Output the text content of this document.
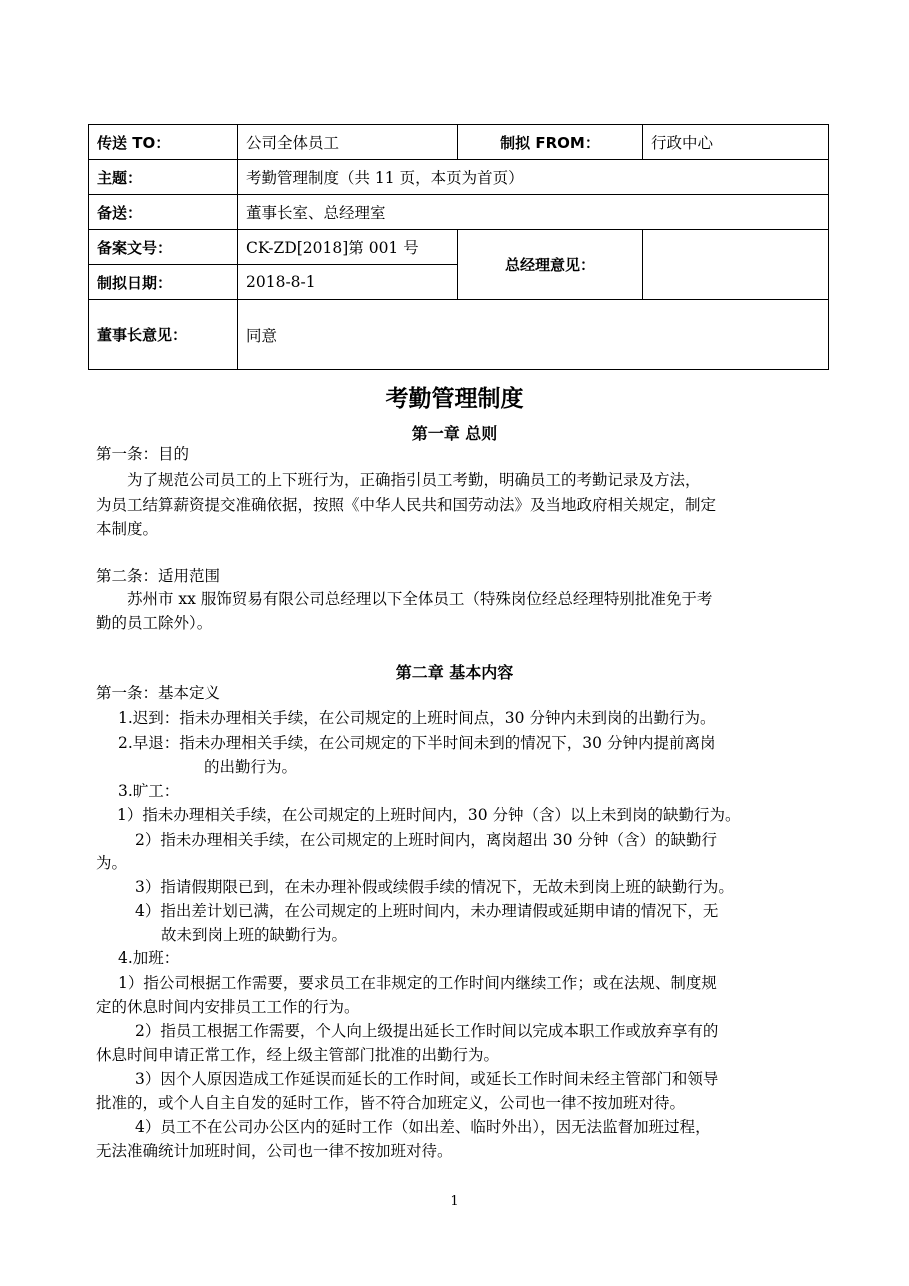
传送 TO：	公司全体员工	制拟 FROM：	行政中心
主题：	考勤管理制度（共 11 页，本页为首页）		
备送：	董事长室、总经理室		
备案文号：	CK-ZD[2018]第 001 号	总经理意见：	
制拟日期：	2018-8-1		
董事长意见：	同意		
考勤管理制度
第一章 总则
第一条：目的
为了规范公司员工的上下班行为，正确指引员工考勤，明确员工的考勤记录及方法，
为员工结算薪资提交准确依据，按照《中华人民共和国劳动法》及当地政府相关规定，制定
本制度。
第二条：适用范围
苏州市 xx 服饰贸易有限公司总经理以下全体员工（特殊岗位经总经理特别批准免于考
勤的员工除外）。
第二章 基本内容
第一条：基本定义
1.迟到：指未办理相关手续，在公司规定的上班时间点，30 分钟内未到岗的出勤行为。
2.早退：指未办理相关手续，在公司规定的下半时间未到的情况下，30 分钟内提前离岗
的出勤行为。
3.旷工：
1）指未办理相关手续，在公司规定的上班时间内，30 分钟（含）以上未到岗的缺勤行为。
2）指未办理相关手续，在公司规定的上班时间内，离岗超出 30 分钟（含）的缺勤行
为。
3）指请假期限已到，在未办理补假或续假手续的情况下，无故未到岗上班的缺勤行为。
4）指出差计划已满，在公司规定的上班时间内，未办理请假或延期申请的情况下，无
故未到岗上班的缺勤行为。
4.加班：
1）指公司根据工作需要，要求员工在非规定的工作时间内继续工作；或在法规、制度规
定的休息时间内安排员工工作的行为。
2）指员工根据工作需要，个人向上级提出延长工作时间以完成本职工作或放弃享有的
休息时间申请正常工作，经上级主管部门批准的出勤行为。
3）因个人原因造成工作延误而延长的工作时间，或延长工作时间未经主管部门和领导
批准的，或个人自主自发的延时工作，皆不符合加班定义，公司也一律不按加班对待。
4）员工不在公司办公区内的延时工作（如出差、临时外出），因无法监督加班过程，
无法准确统计加班时间，公司也一律不按加班对待。
1
